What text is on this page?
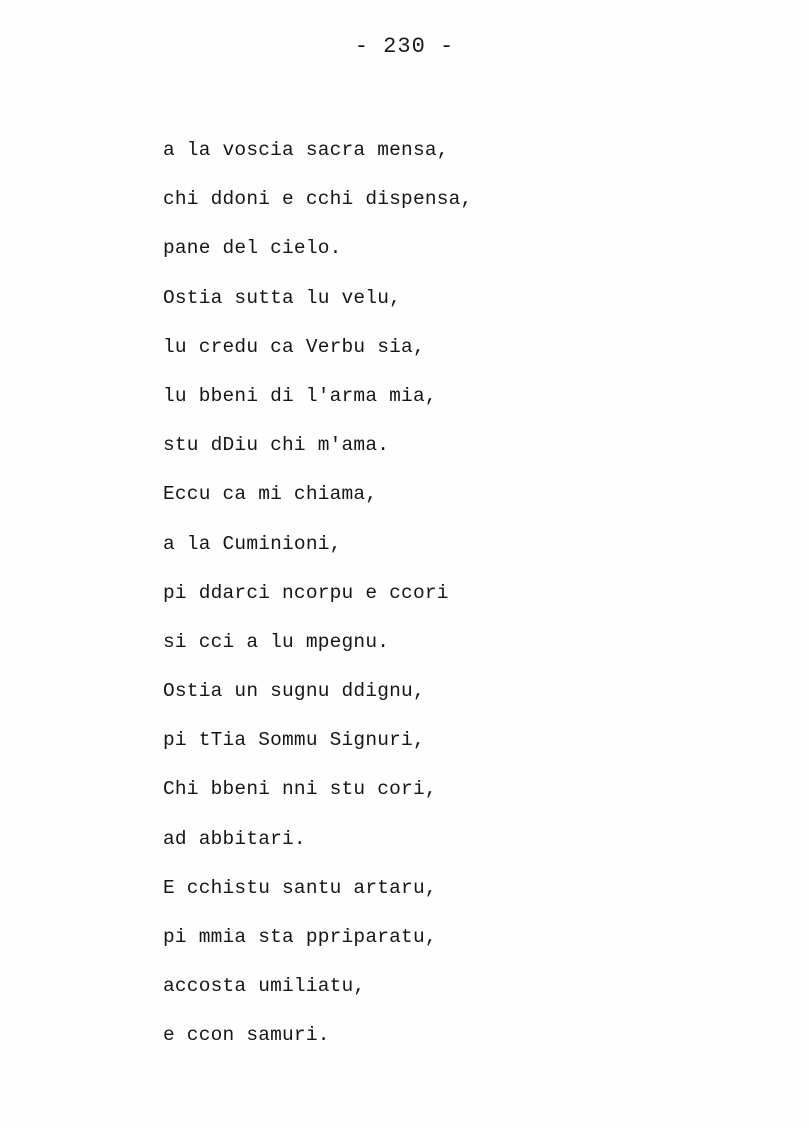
- 230 -
a la voscia sacra mensa,
chi ddoni e cchi dispensa,
pane del cielo.
Ostia sutta lu velu,
lu credu ca Verbu sia,
lu bbeni di l'arma mia,
stu dDiu chi m'ama.
Eccu ca mi chiama,
a la Cuminioni,
pi ddarci ncorpu e ccori
si cci a lu mpegnu.
Ostia un sugnu ddignu,
pi tTia Sommu Signuri,
Chi bbeni nni stu cori,
ad abbitari.
E cchistu santu artaru,
pi mmia sta ppriparatu,
accosta umiliatu,
e ccon samuri.
